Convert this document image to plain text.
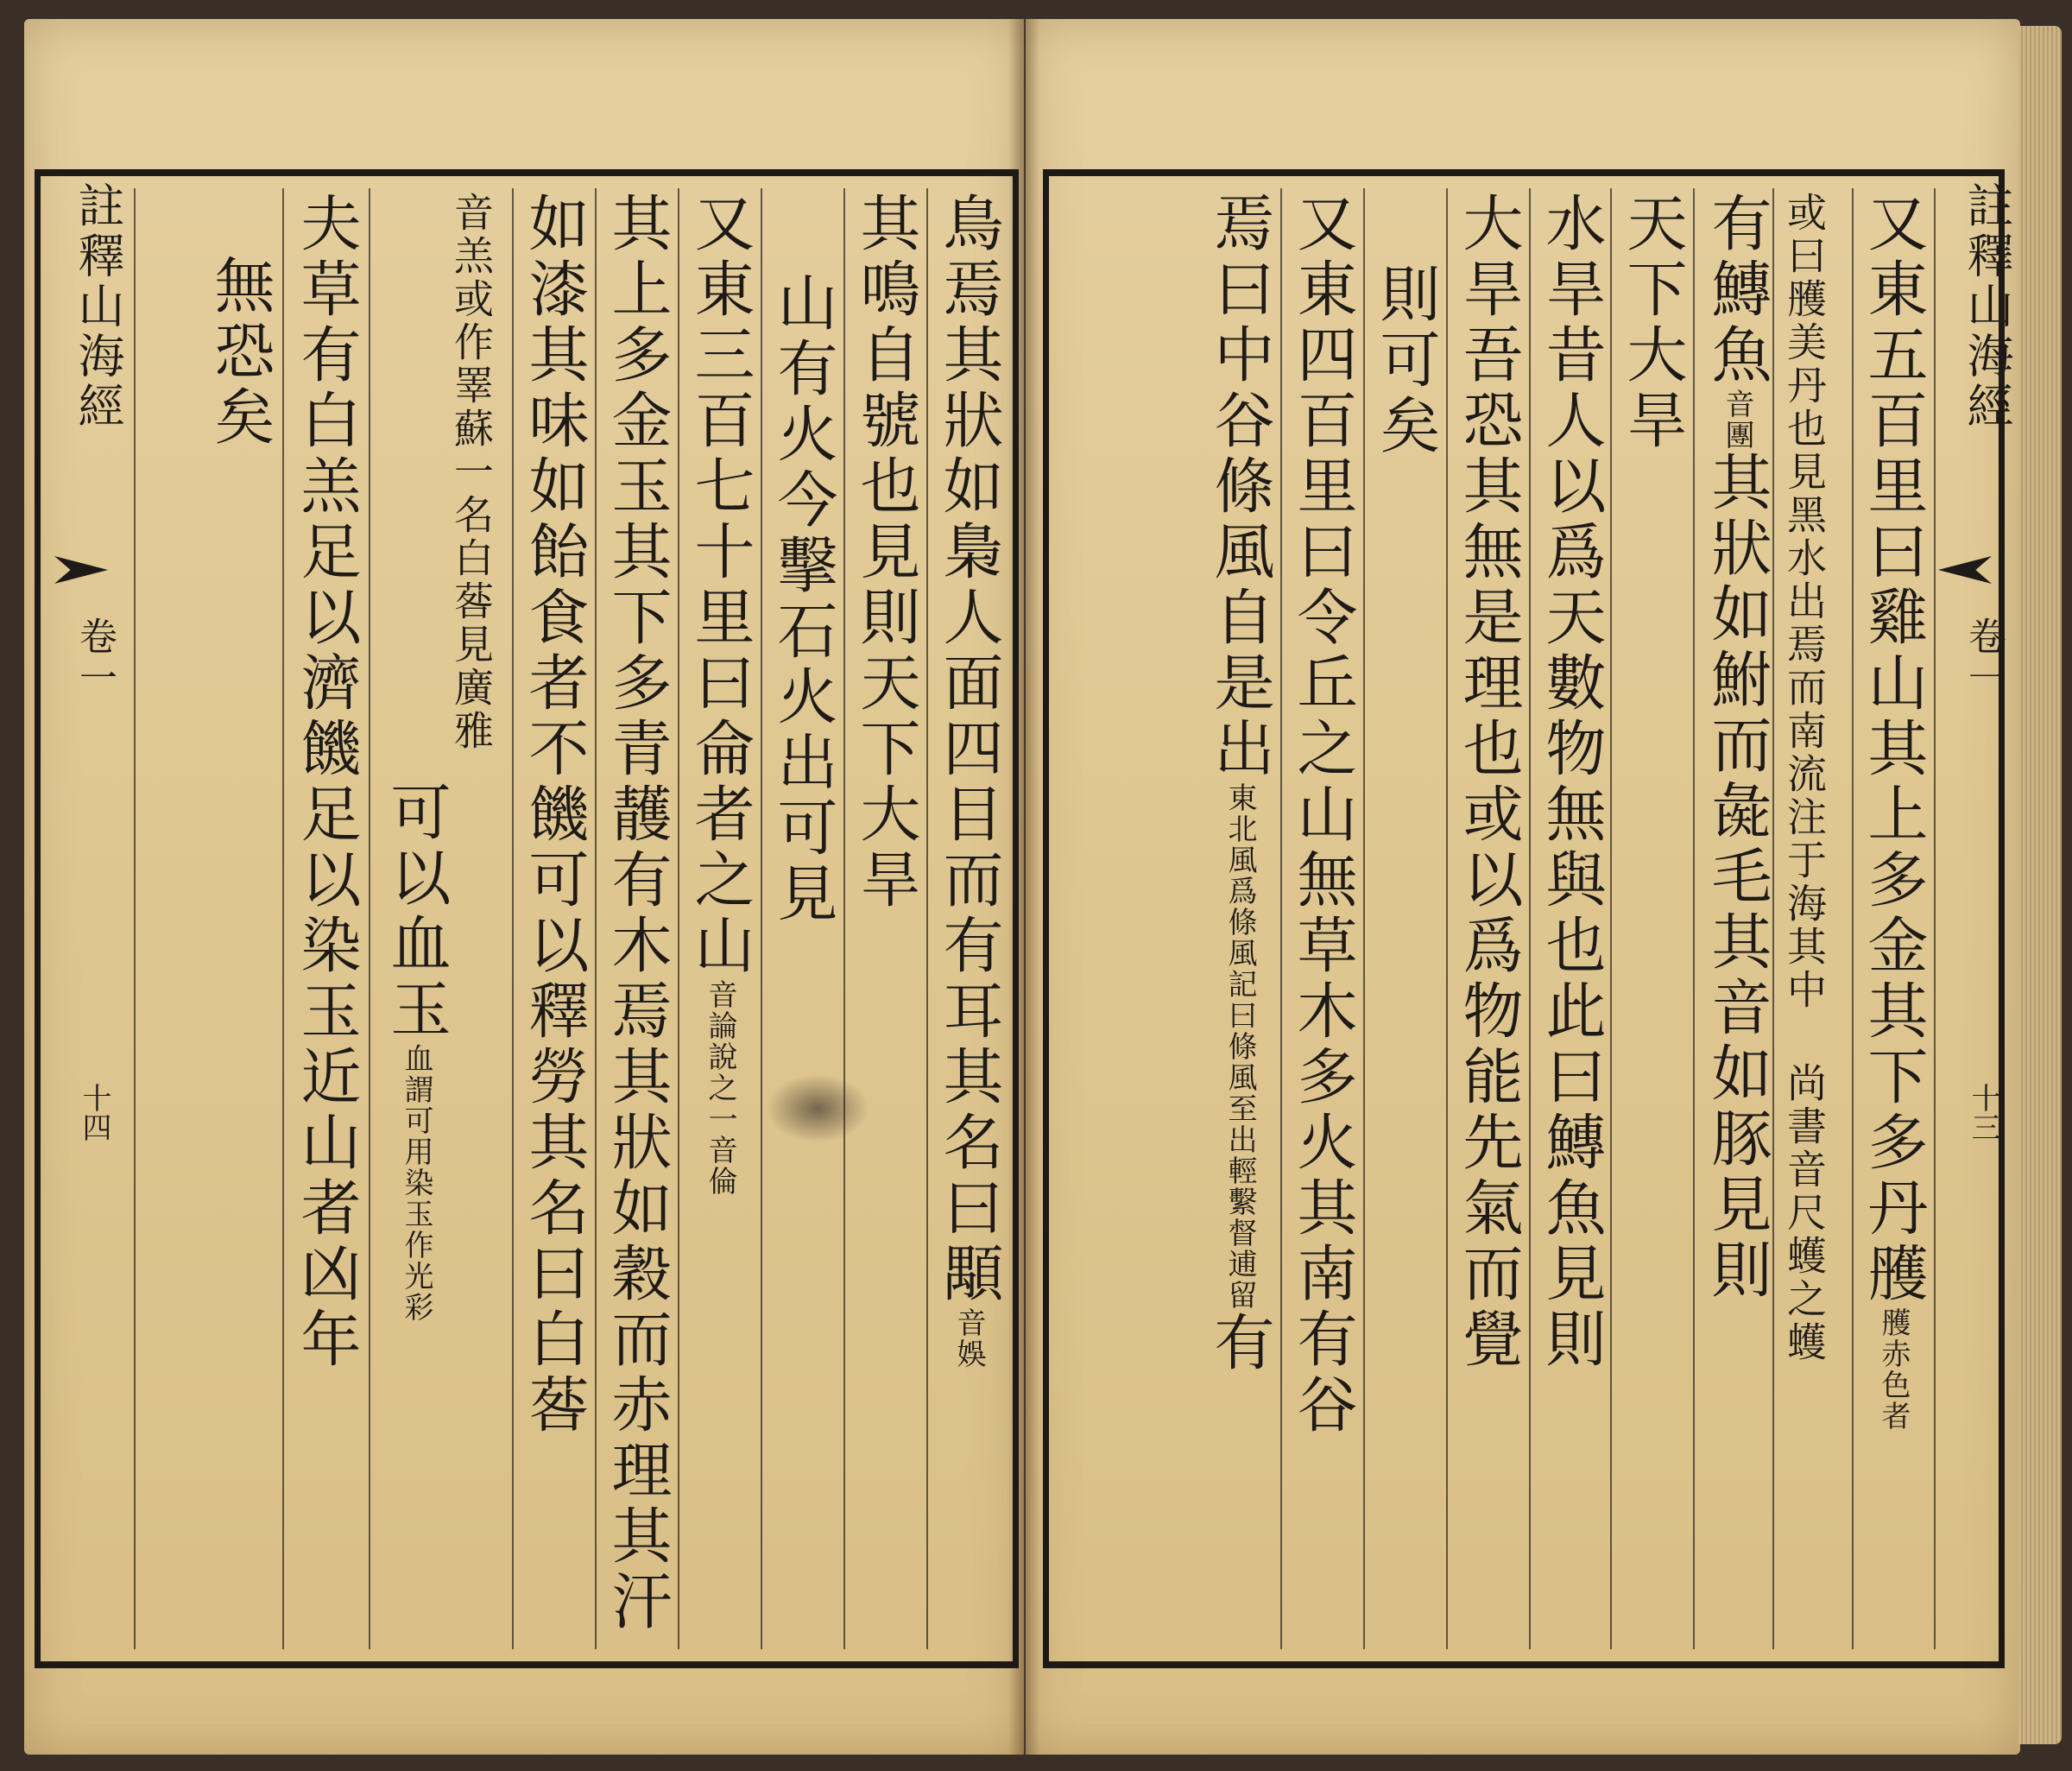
註釋山海經
卷一
十三
又東五百里曰雞山其上多金其下多丹雘雘赤色者
或曰雘美丹也見黑水出焉而南流注于海其中 尚書音尺蠖之蠖
有鱄魚音團其狀如鮒而彘毛其音如豚見則
天下大旱
水旱昔人以爲天數物無與也此曰鱄魚見則
大旱吾恐其無是理也或以爲物能先氣而覺
則可矣
又東四百里曰令丘之山無草木多火其南有谷
焉曰中谷條風自是出東北風爲條風記曰條風至出輕繫督逋留有
鳥焉其狀如梟人面四目而有耳其名曰顒音娛
其鳴自號也見則天下大旱
山有火今擊石火出可見
又東三百七十里曰侖者之山音論說之一音倫
其上多金玉其下多青䨼有木焉其狀如穀而赤理其汗
如漆其味如飴食者不饑可以釋勞其名曰白䓘
音羔或作睪蘇一名白䓘見廣雅
可以血玉血謂可用染玉作光彩
夫草有白羔足以濟饑足以染玉近山者凶年
無恐矣
註釋山海經
卷一
十四
